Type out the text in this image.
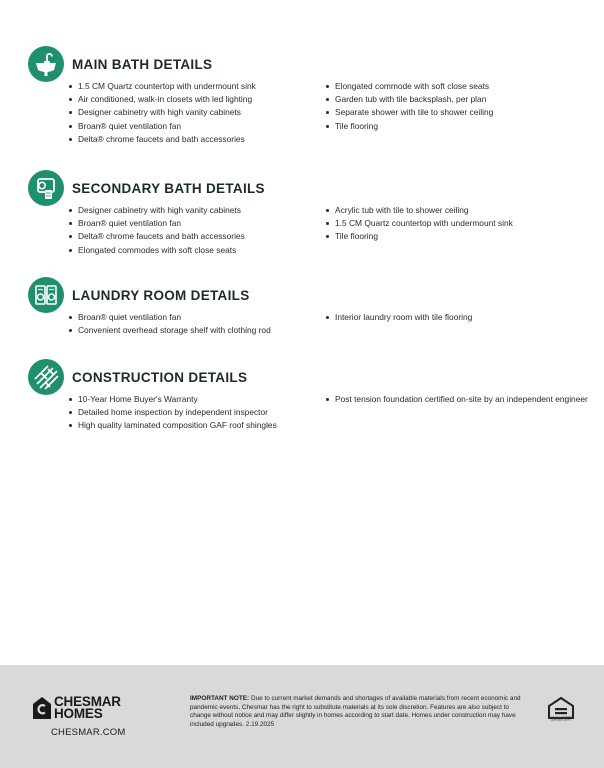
MAIN BATH DETAILS
1.5 CM Quartz countertop with undermount sink
Air conditioned, walk-in closets with led lighting
Designer cabinetry with high vanity cabinets
Broan® quiet ventilation fan
Delta® chrome faucets and bath accessories
Elongated commode with soft close seats
Garden tub with tile backsplash, per plan
Separate shower with tile to shower ceiling
Tile flooring
SECONDARY BATH DETAILS
Designer cabinetry with high vanity cabinets
Broan® quiet ventilation fan
Delta® chrome faucets and bath accessories
Elongated commodes with soft close seats
Acrylic tub with tile to shower ceiling
1.5 CM Quartz countertop with undermount sink
Tile flooring
LAUNDRY ROOM DETAILS
Broan® quiet ventilation fan
Convenient overhead storage shelf with clothing rod
Interior laundry room with tile flooring
CONSTRUCTION DETAILS
10-Year Home Buyer's Warranty
Detailed home inspection by independent inspector
High quality laminated composition GAF roof shingles
Post tension foundation certified on-site by an independent engineer
CHESMAR
HOMES
CHESMAR.COM
IMPORTANT NOTE: Due to current market demands and shortages of available materials from recent economic and pandemic events, Chesmar has the right to substitute materials at its sole discretion. Features are also subject to change without notice and may differ slightly in homes according to start date. Homes under construction may have included upgrades. 2.19.2025
EQUAL HOUSING OPPORTUNITY
